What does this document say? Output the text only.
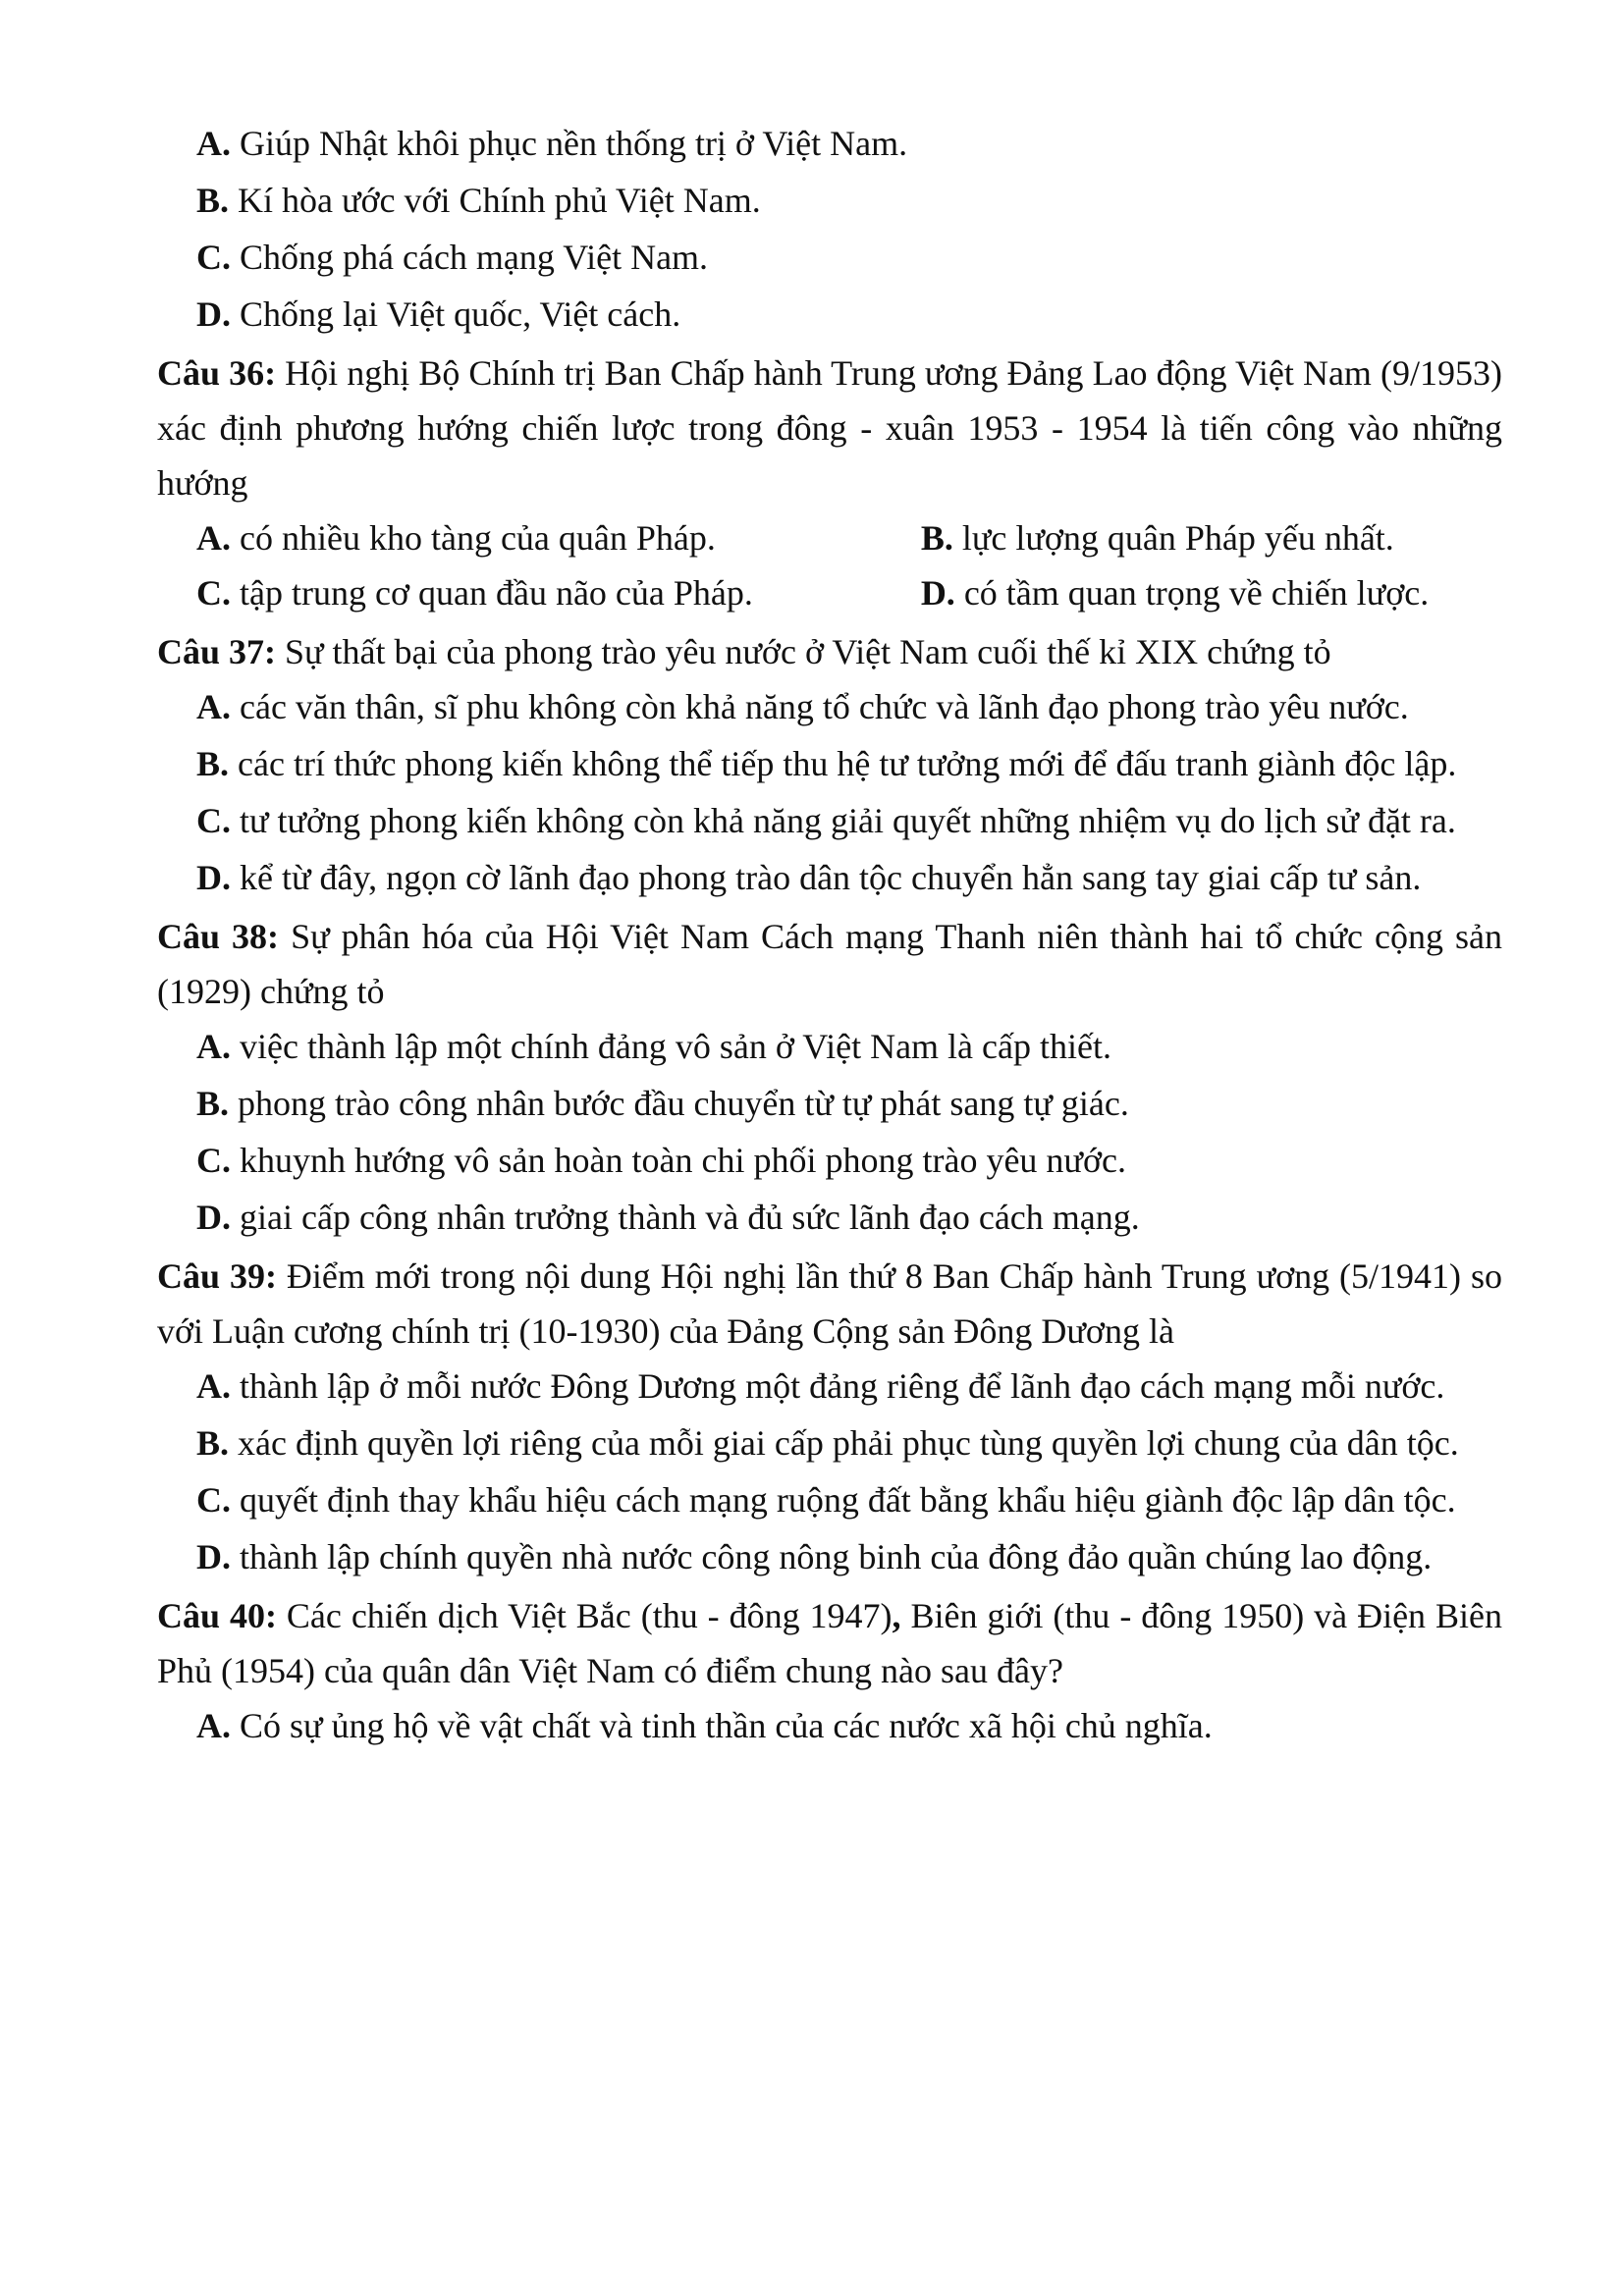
A. Giúp Nhật khôi phục nền thống trị ở Việt Nam.
B. Kí hòa ước với Chính phủ Việt Nam.
C. Chống phá cách mạng Việt Nam.
D. Chống lại Việt quốc, Việt cách.
Câu 36: Hội nghị Bộ Chính trị Ban Chấp hành Trung ương Đảng Lao động Việt Nam (9/1953) xác định phương hướng chiến lược trong đông - xuân 1953 - 1954 là tiến công vào những hướng
A. có nhiều kho tàng của quân Pháp.	B. lực lượng quân Pháp yếu nhất.
C. tập trung cơ quan đầu não của Pháp.	D. có tầm quan trọng về chiến lược.
Câu 37: Sự thất bại của phong trào yêu nước ở Việt Nam cuối thế kỉ XIX chứng tỏ
A. các văn thân, sĩ phu không còn khả năng tổ chức và lãnh đạo phong trào yêu nước.
B. các trí thức phong kiến không thể tiếp thu hệ tư tưởng mới để đấu tranh giành độc lập.
C. tư tưởng phong kiến không còn khả năng giải quyết những nhiệm vụ do lịch sử đặt ra.
D. kể từ đây, ngọn cờ lãnh đạo phong trào dân tộc chuyển hẳn sang tay giai cấp tư sản.
Câu 38: Sự phân hóa của Hội Việt Nam Cách mạng Thanh niên thành hai tổ chức cộng sản (1929) chứng tỏ
A. việc thành lập một chính đảng vô sản ở Việt Nam là cấp thiết.
B. phong trào công nhân bước đầu chuyển từ tự phát sang tự giác.
C. khuynh hướng vô sản hoàn toàn chi phối phong trào yêu nước.
D. giai cấp công nhân trưởng thành và đủ sức lãnh đạo cách mạng.
Câu 39: Điểm mới trong nội dung Hội nghị lần thứ 8 Ban Chấp hành Trung ương (5/1941) so với Luận cương chính trị (10-1930) của Đảng Cộng sản Đông Dương là
A. thành lập ở mỗi nước Đông Dương một đảng riêng để lãnh đạo cách mạng mỗi nước.
B. xác định quyền lợi riêng của mỗi giai cấp phải phục tùng quyền lợi chung của dân tộc.
C. quyết định thay khẩu hiệu cách mạng ruộng đất bằng khẩu hiệu giành độc lập dân tộc.
D. thành lập chính quyền nhà nước công nông binh của đông đảo quần chúng lao động.
Câu 40: Các chiến dịch Việt Bắc (thu - đông 1947), Biên giới (thu - đông 1950) và Điện Biên Phủ (1954) của quân dân Việt Nam có điểm chung nào sau đây?
A. Có sự ủng hộ về vật chất và tinh thần của các nước xã hội chủ nghĩa.
